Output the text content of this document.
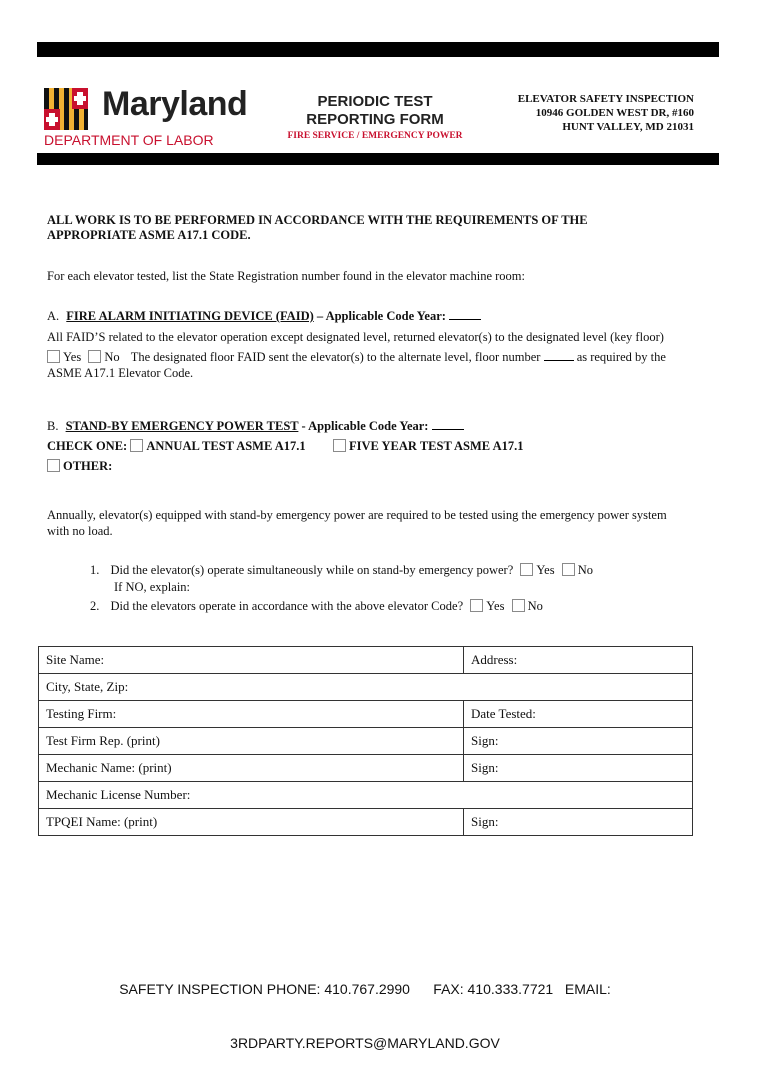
Maryland
DEPARTMENT OF LABOR
PERIODIC TEST
REPORTING FORM
FIRE SERVICE / EMERGENCY POWER
ELEVATOR SAFETY INSPECTION
10946 GOLDEN WEST DR, #160
HUNT VALLEY, MD 21031
ALL WORK IS TO BE PERFORMED IN ACCORDANCE WITH THE REQUIREMENTS OF THE
APPROPRIATE ASME A17.1 CODE.
For each elevator tested, list the State Registration number found in the elevator machine room:
A. FIRE ALARM INITIATING DEVICE (FAID) – Applicable Code Year:
All FAID’S related to the elevator operation except designated level, returned elevator(s) to the designated level (key floor)
Yes No The designated floor FAID sent the elevator(s) to the alternate level, floor number	as required by the
ASME A17.1 Elevator Code.
B. STAND-BY EMERGENCY POWER TEST - Applicable Code Year:
CHECK ONE: ANNUAL TEST ASME A17.1	FIVE YEAR TEST ASME A17.1
OTHER:
Annually, elevator(s) equipped with stand-by emergency power are required to be tested using the emergency power system
with no load.
1. Did the elevator(s) operate simultaneously while on stand-by emergency power? Yes No
If NO, explain:
2. Did the elevators operate in accordance with the above elevator Code? Yes No
Site Name:	Address:
City, State, Zip:	
Testing Firm:	Date Tested:
Test Firm Rep. (print)	Sign:
Mechanic Name: (print)	Sign:
Mechanic License Number:	
TPQEI Name: (print)	Sign:

SAFETY INSPECTION PHONE: 410.767.2990      FAX: 410.333.7721   EMAIL:

3RDPARTY.REPORTS@MARYLAND.GOV
